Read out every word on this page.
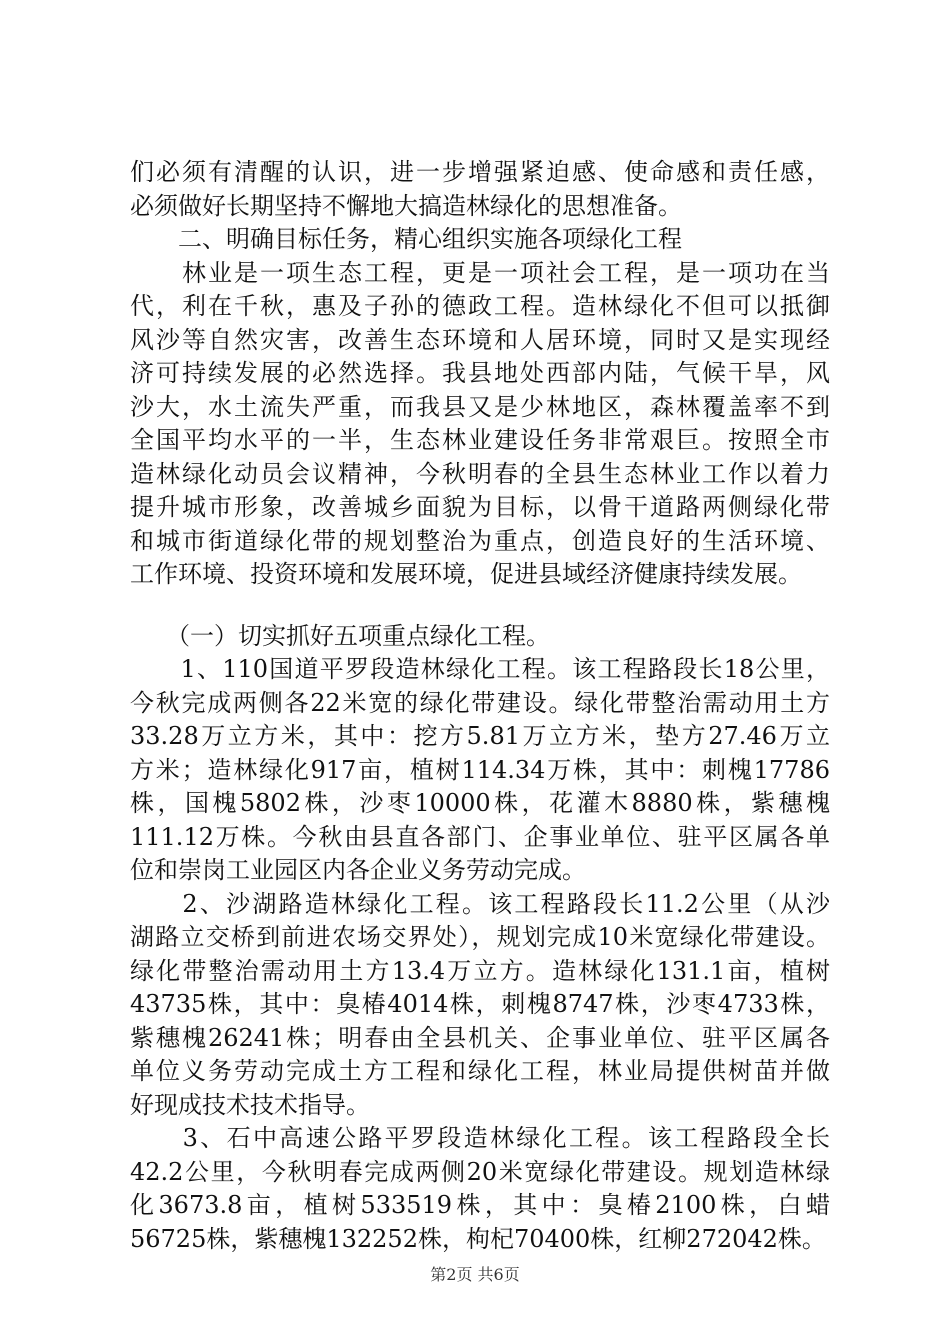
们必须有清醒的认识，进一步增强紧迫感、使命感和责任感，
必须做好长期坚持不懈地大搞造林绿化的思想准备。
　　二、明确目标任务，精心组织实施各项绿化工程
　　林业是一项生态工程，更是一项社会工程，是一项功在当
代，利在千秋，惠及子孙的德政工程。造林绿化不但可以抵御
风沙等自然灾害，改善生态环境和人居环境，同时又是实现经
济可持续发展的必然选择。我县地处西部内陆，气候干旱，风
沙大，水土流失严重，而我县又是少林地区，森林覆盖率不到
全国平均水平的一半，生态林业建设任务非常艰巨。按照全市
造林绿化动员会议精神，今秋明春的全县生态林业工作以着力
提升城市形象，改善城乡面貌为目标，以骨干道路两侧绿化带
和城市街道绿化带的规划整治为重点，创造良好的生活环境、
工作环境、投资环境和发展环境，促进县域经济健康持续发展。
　　（一）切实抓好五项重点绿化工程。
　　1、110国道平罗段造林绿化工程。该工程路段长18公里，
今秋完成两侧各22米宽的绿化带建设。绿化带整治需动用土方
33.28万立方米，其中：挖方5.81万立方米，垫方27.46万立
方米；造林绿化917亩，植树114.34万株，其中：刺槐17786
株，国槐5802株，沙枣10000株，花灌木8880株，紫穗槐
111.12万株。今秋由县直各部门、企事业单位、驻平区属各单
位和崇岗工业园区内各企业义务劳动完成。
　　2、沙湖路造林绿化工程。该工程路段长11.2公里（从沙
湖路立交桥到前进农场交界处），规划完成10米宽绿化带建设。
绿化带整治需动用土方13.4万立方。造林绿化131.1亩，植树
43735株，其中：臭椿4014株，刺槐8747株，沙枣4733株，
紫穗槐26241株；明春由全县机关、企事业单位、驻平区属各
单位义务劳动完成土方工程和绿化工程，林业局提供树苗并做
好现成技术技术指导。
　　3、石中高速公路平罗段造林绿化工程。该工程路段全长
42.2公里，今秋明春完成两侧20米宽绿化带建设。规划造林绿
化3673.8亩，植树533519株，其中：臭椿2100株，白蜡
56725株，紫穗槐132252株，枸杞70400株，红柳272042株。
第2页 共6页
